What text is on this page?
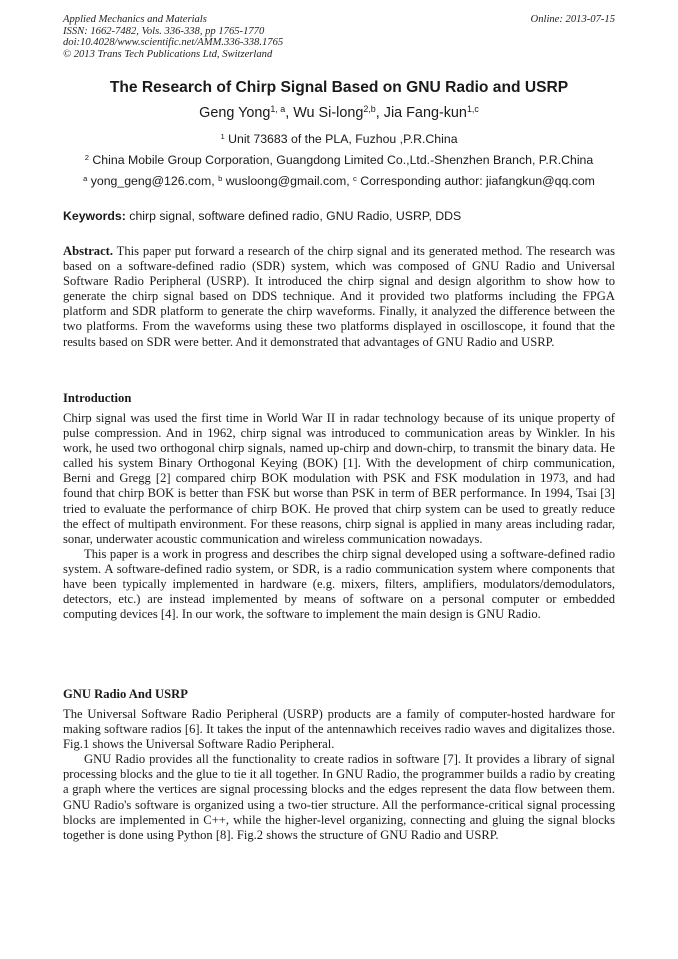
Applied Mechanics and Materials
ISSN: 1662-7482, Vols. 336-338, pp 1765-1770
doi:10.4028/www.scientific.net/AMM.336-338.1765
© 2013 Trans Tech Publications Ltd, Switzerland
Online: 2013-07-15
The Research of Chirp Signal Based on GNU Radio and USRP
Geng Yong$^{1, a}$, Wu Si-long$^{2,b}$, Jia Fang-kun$^{1,c}$
$^1$ Unit 73683 of the PLA, Fuzhou ,P.R.China
$^2$ China Mobile Group Corporation, Guangdong Limited Co.,Ltd.-Shenzhen Branch, P.R.China
$^a$ yong_geng@126.com, $^b$ wusloong@gmail.com, $^c$ Corresponding author: jiafangkun@qq.com
Keywords: chirp signal, software defined radio, GNU Radio, USRP, DDS

Abstract. This paper put forward a research of the chirp signal and its generated method. The research was based on a software-defined radio (SDR) system, which was composed of GNU Radio and Universal Software Radio Peripheral (USRP). It introduced the chirp signal and design algorithm to show how to generate the chirp signal based on DDS technique. And it provided two platforms including the FPGA platform and SDR platform to generate the chirp waveforms. Finally, it analyzed the difference between the two platforms. From the waveforms using these two platforms displayed in oscilloscope, it found that the results based on SDR were better. And it demonstrated that advantages of GNU Radio and USRP.

Introduction

Chirp signal was used the first time in World War II in radar technology because of its unique property of pulse compression. And in 1962, chirp signal was introduced to communication areas by Winkler. In his work, he used two orthogonal chirp signals, named up-chirp and down-chirp, to transmit the binary data. He called his system Binary Orthogonal Keying (BOK) [1]. With the development of chirp communication, Berni and Gregg [2] compared chirp BOK modulation with PSK and FSK modulation in 1973, and had found that chirp BOK is better than FSK but worse than PSK in term of BER performance. In 1994, Tsai [3] tried to evaluate the performance of chirp BOK. He proved that chirp system can be used to greatly reduce the effect of multipath environment. For these reasons, chirp signal is applied in many areas including radar, sonar, underwater acoustic communication and wireless communication nowadays.

This paper is a work in progress and describes the chirp signal developed using a software-defined radio system. A software-defined radio system, or SDR, is a radio communication system where components that have been typically implemented in hardware (e.g. mixers, filters, amplifiers, modulators/demodulators, detectors, etc.) are instead implemented by means of software on a personal computer or embedded computing devices [4]. In our work, the software to implement the main design is GNU Radio.

GNU Radio And USRP

The Universal Software Radio Peripheral (USRP) products are a family of computer-hosted hardware for making software radios [6]. It takes the input of the antennawhich receives radio waves and digitalizes those. Fig.1 shows the Universal Software Radio Peripheral.

GNU Radio provides all the functionality to create radios in software [7]. It provides a library of signal processing blocks and the glue to tie it all together. In GNU Radio, the programmer builds a radio by creating a graph where the vertices are signal processing blocks and the edges represent the data flow between them. GNU Radio's software is organized using a two-tier structure. All the performance-critical signal processing blocks are implemented in C++, while the higher-level organizing, connecting and gluing the signal blocks together is done using Python [8]. Fig.2 shows the structure of GNU Radio and USRP.
